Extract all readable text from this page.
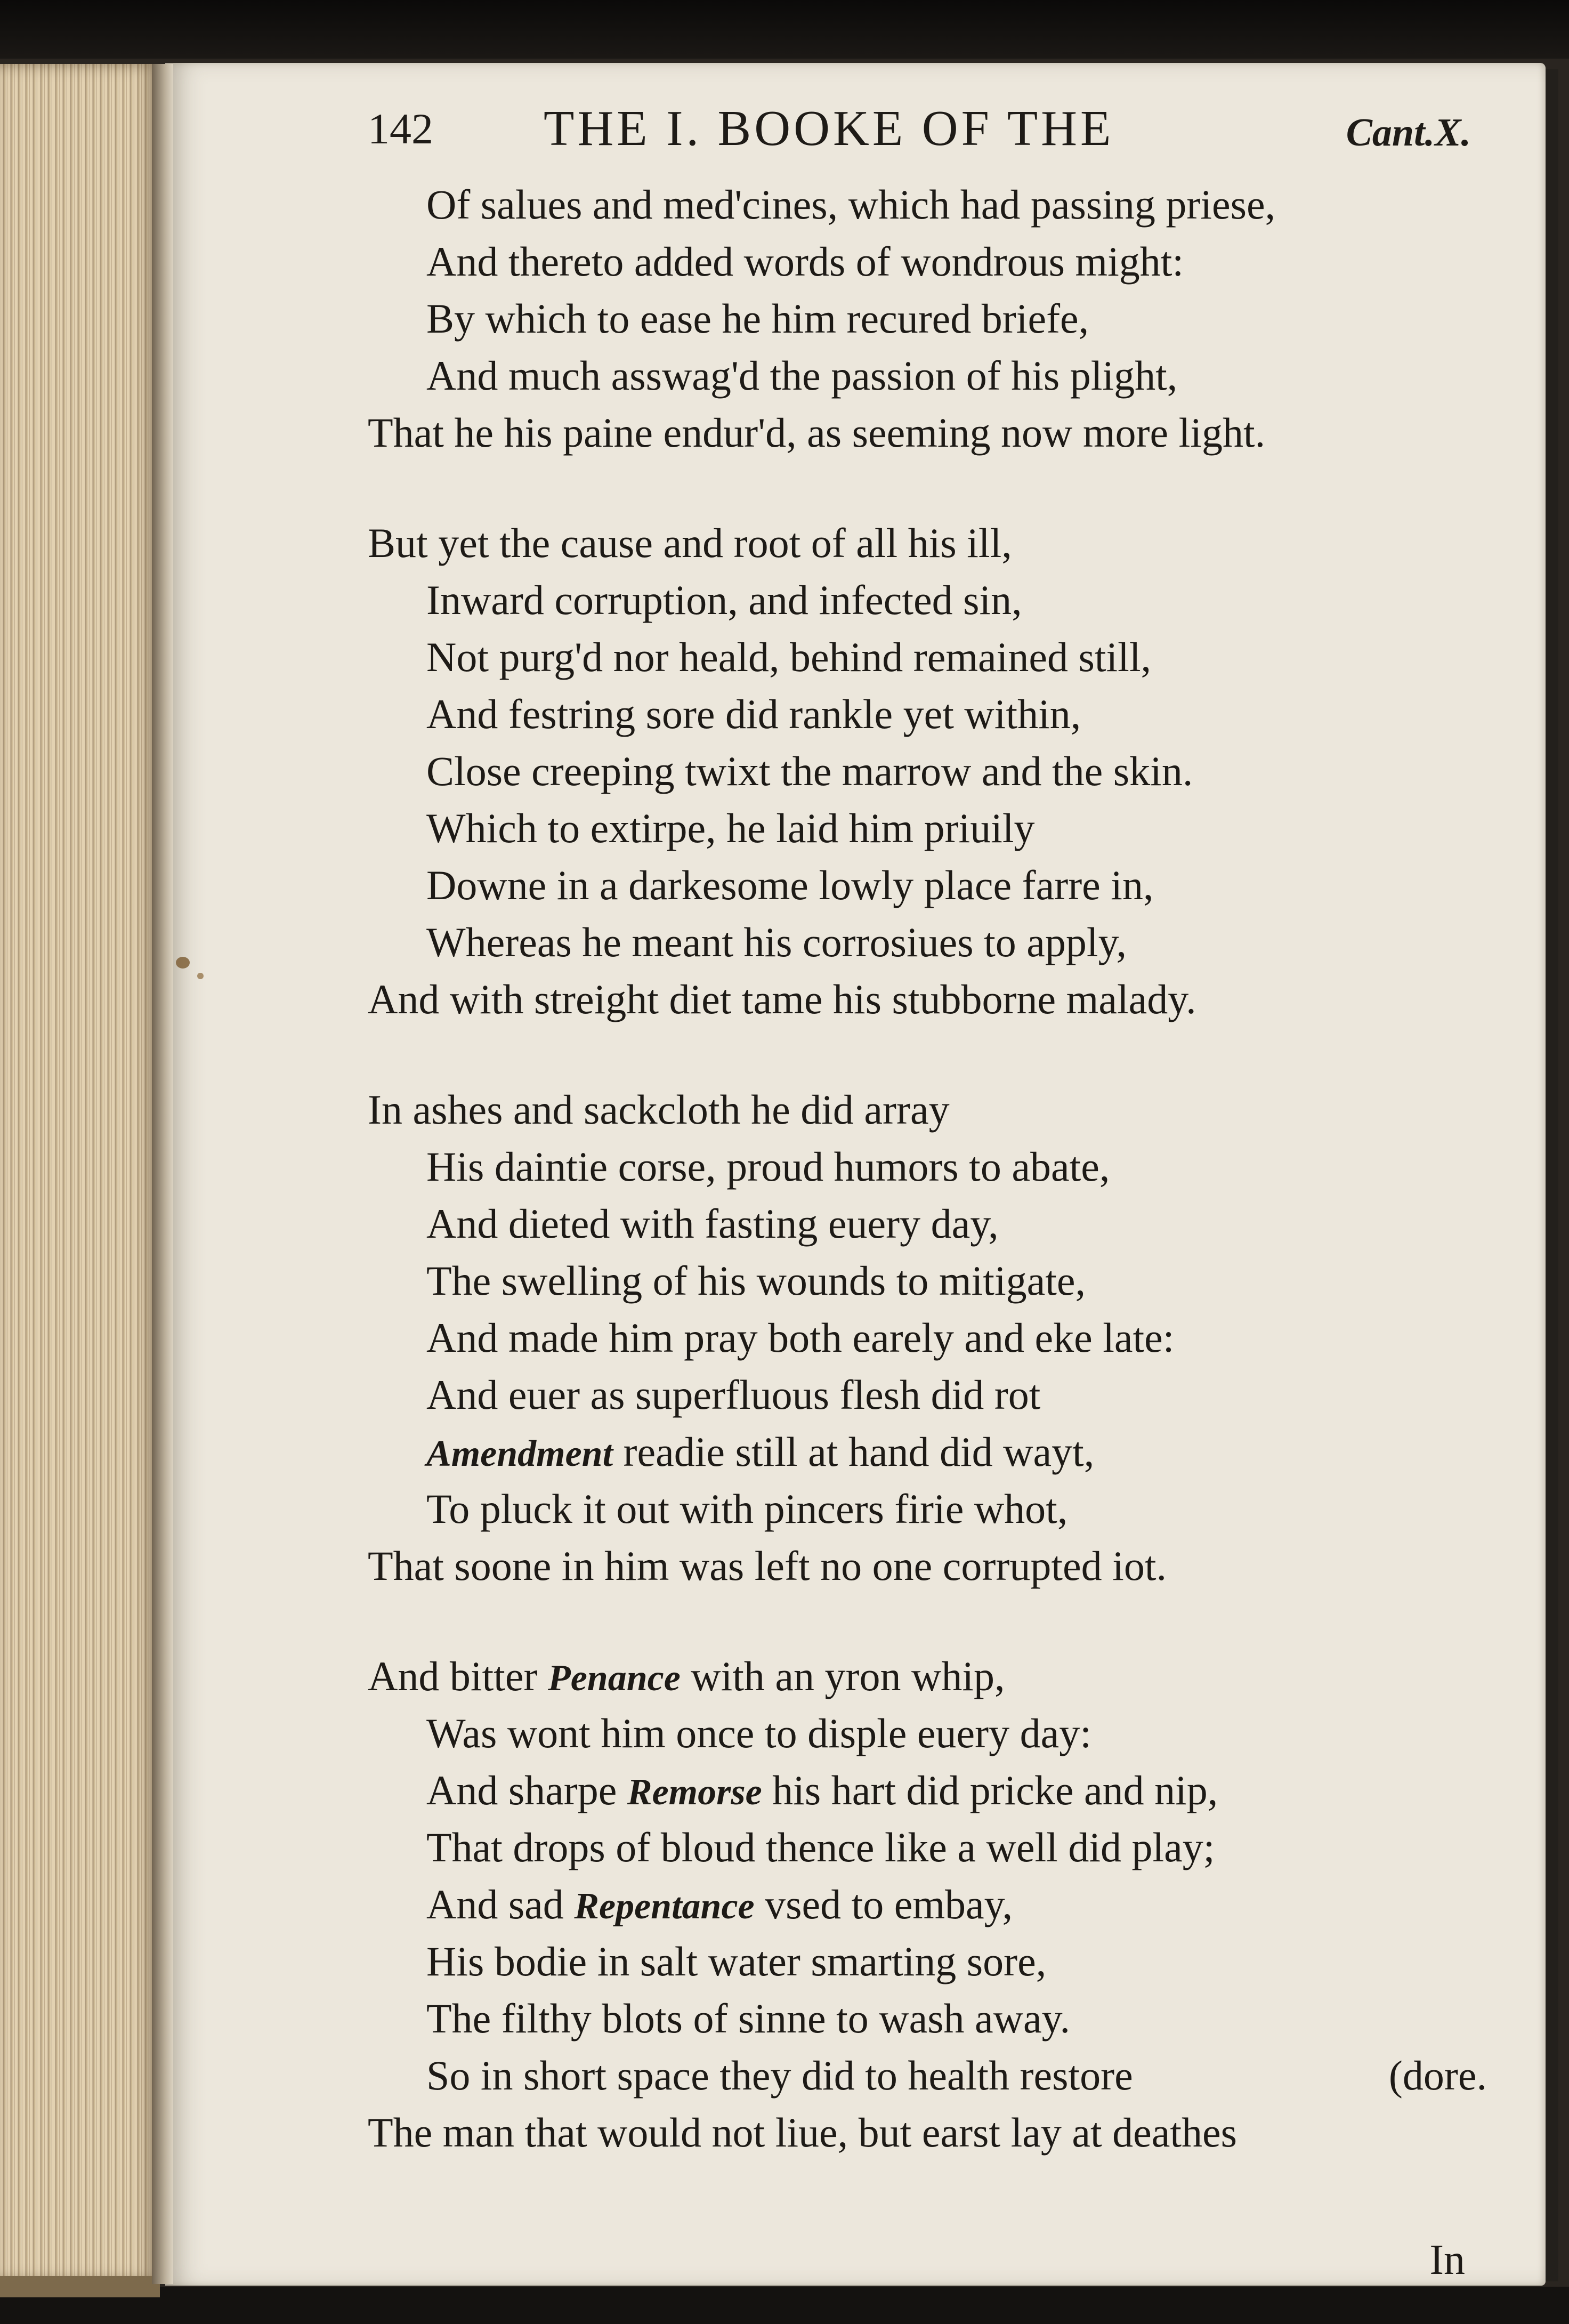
142 THE I. BOOKE OF THE	Cant.X.
Of salues and med'cines, which had passing priese,
And thereto added words of wondrous might:
By which to ease he him recured briefe,
And much asswag'd the passion of his plight,
That he his paine endur'd, as seeming now more light.
But yet the cause and root of all his ill,
Inward corruption, and infected sin,
Not purg'd nor heald, behind remained still,
And festring sore did rankle yet within,
Close creeping twixt the marrow and the skin.
Which to extirpe, he laid him priuily
Downe in a darkesome lowly place farre in,
Whereas he meant his corrosiues to apply,
And with streight diet tame his stubborne malady.
In ashes and sackcloth he did array
His daintie corse, proud humors to abate,
And dieted with fasting euery day,
The swelling of his wounds to mitigate,
And made him pray both earely and eke late:
And euer as superfluous flesh did rot
Amendment readie still at hand did wayt,
To pluck it out with pincers firie whot,
That soone in him was left no one corrupted iot.
And bitter Penance with an yron whip,
Was wont him once to disple euery day:
And sharpe Remorse his hart did pricke and nip,
That drops of bloud thence like a well did play;
And sad Repentance vsed to embay,
His bodie in salt water smarting sore,
The filthy blots of sinne to wash away.
So in short space they did to health restore	(dore.
The man that would not liue, but earst lay at deathes
In
